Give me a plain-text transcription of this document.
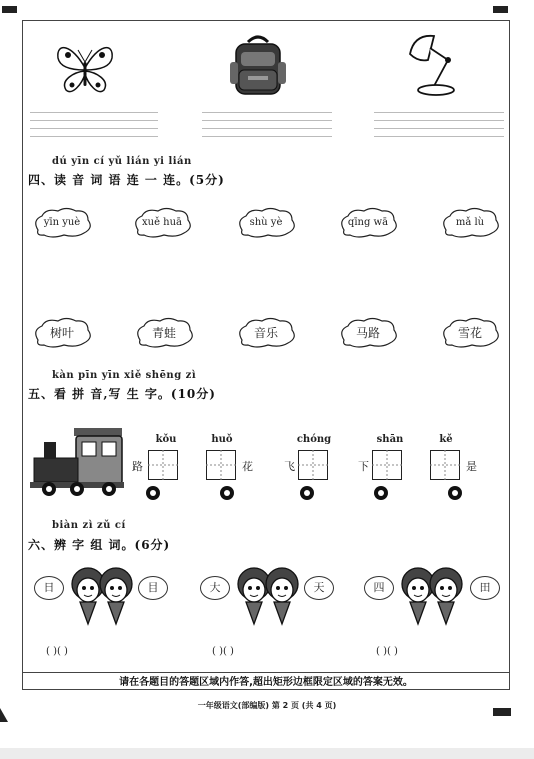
dú yīn cí yǔ lián yi lián
四、读 音 词 语 连 一 连。(5分)
yīn yuè	xuě huā	shù yè	qīng wā	mǎ lù
树叶	青蛙	音乐	马路	雪花
kàn pīn yīn xiě shēng zì
五、看 拼 音,写 生 字。(10分)
kǒu
路
huǒ
花
chóng
飞
shān
下
kě
是
biàn zì zǔ cí
六、辨 字 组 词。(6分)
日	目	大	天	四	田
( )( )	( )( )	( )( )
请在各题目的答题区域内作答,超出矩形边框限定区域的答案无效。
一年级语文(部编版) 第 2 页 (共 4 页)
